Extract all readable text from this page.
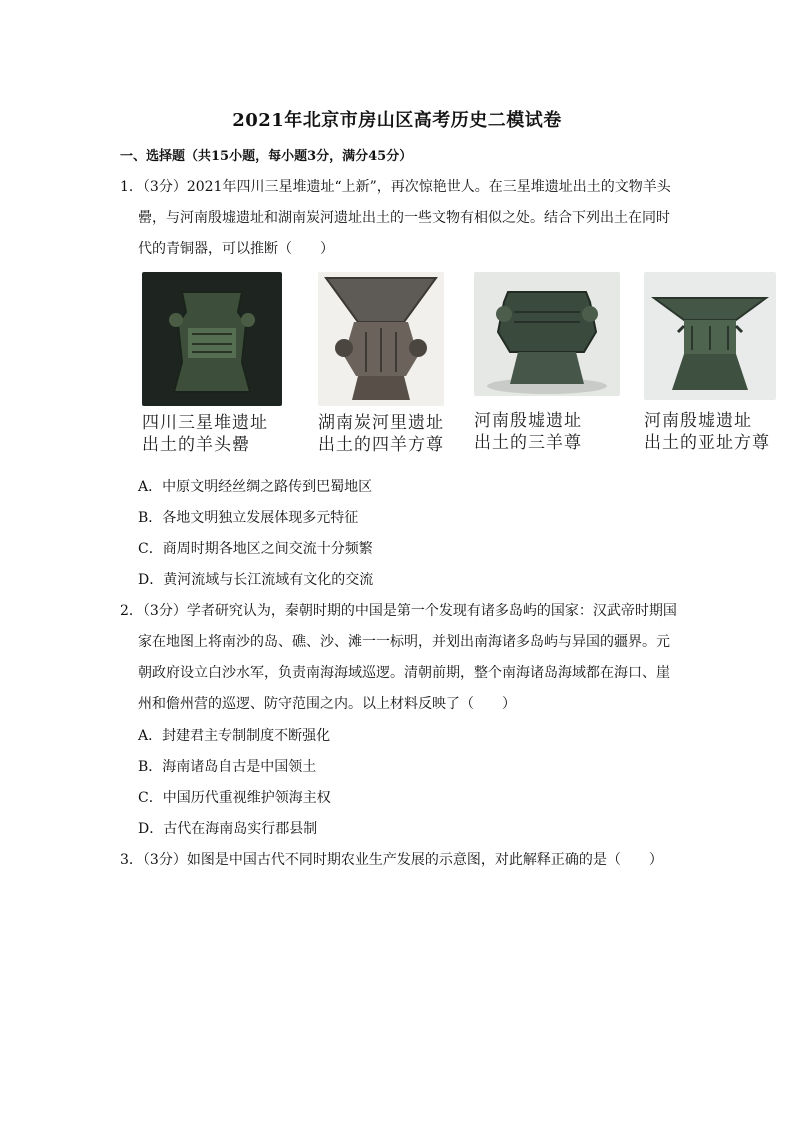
2021年北京市房山区高考历史二模试卷
一、选择题（共15小题，每小题3分，满分45分）
1．（3分）2021年四川三星堆遗址“上新”，再次惊艳世人。在三星堆遗址出土的文物羊头
罍，与河南殷墟遗址和湖南炭河遗址出土的一些文物有相似之处。结合下列出土在同时
代的青铜器，可以推断（　　）
四川三星堆遗址
出土的羊头罍
湖南炭河里遗址
出土的四羊方尊
河南殷墟遗址
出土的三羊尊
河南殷墟遗址
出土的亚址方尊
A．中原文明经丝绸之路传到巴蜀地区
B．各地文明独立发展体现多元特征
C．商周时期各地区之间交流十分频繁
D．黄河流域与长江流域有文化的交流
2．（3分）学者研究认为，秦朝时期的中国是第一个发现有诸多岛屿的国家：汉武帝时期国
家在地图上将南沙的岛、礁、沙、滩一一标明，并划出南海诸多岛屿与异国的疆界。元
朝政府设立白沙水军，负责南海海域巡逻。清朝前期，整个南海诸岛海域都在海口、崖
州和儋州营的巡逻、防守范围之内。以上材料反映了（　　）
A．封建君主专制制度不断强化
B．海南诸岛自古是中国领土
C．中国历代重视维护领海主权
D．古代在海南岛实行郡县制
3．（3分）如图是中国古代不同时期农业生产发展的示意图，对此解释正确的是（　　）
